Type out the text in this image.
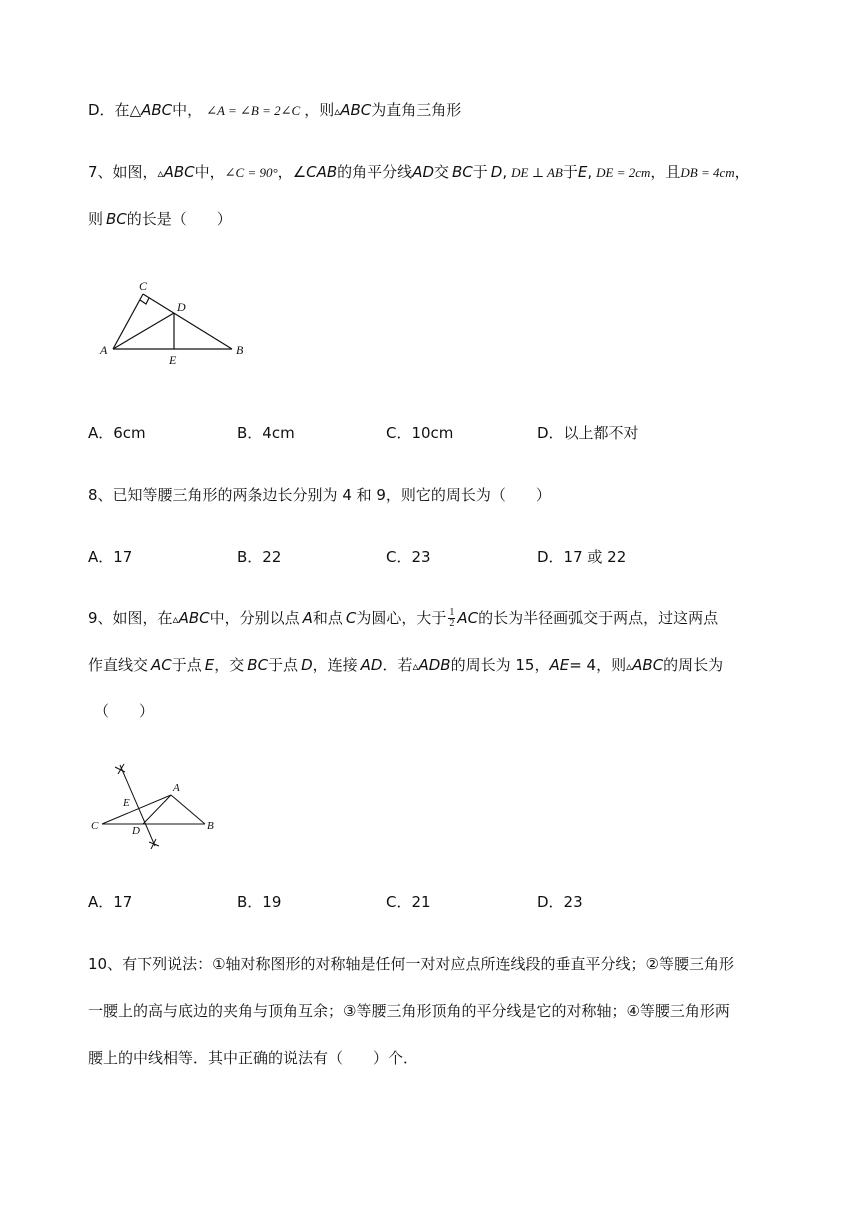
D．在△ABC中， ∠A = ∠B = 2∠C ，则▵ABC为直角三角形
7、如图，▵ABC中，∠C = 90°，∠CAB的角平分线AD交 BC于 D, DE ⊥ AB于E, DE = 2cm，且DB = 4cm，
则 BC的长是（　　）
C
D
A
E
B
A．6cm	B．4cm	C．10cm	D．以上都不对
8、已知等腰三角形的两条边长分别为 4 和 9，则它的周长为（　　）
A．17	B．22	C．23	D．17 或 22
9、如图，在▵ABC中，分别以点 A和点 C为圆心，大于 $\frac{1}{2}$ AC的长为半径画弧交于两点，过这两点
作直线交 AC于点 E，交 BC于点 D，连接 AD．若▵ADB的周长为 15，AE= 4，则▵ABC的周长为
（　　）
A
E
C	D	B
A．17	B．19	C．21	D．23
10、有下列说法：①轴对称图形的对称轴是任何一对对应点所连线段的垂直平分线；②等腰三角形
一腰上的高与底边的夹角与顶角互余；③等腰三角形顶角的平分线是它的对称轴；④等腰三角形两
腰上的中线相等．其中正确的说法有（　　）个．
